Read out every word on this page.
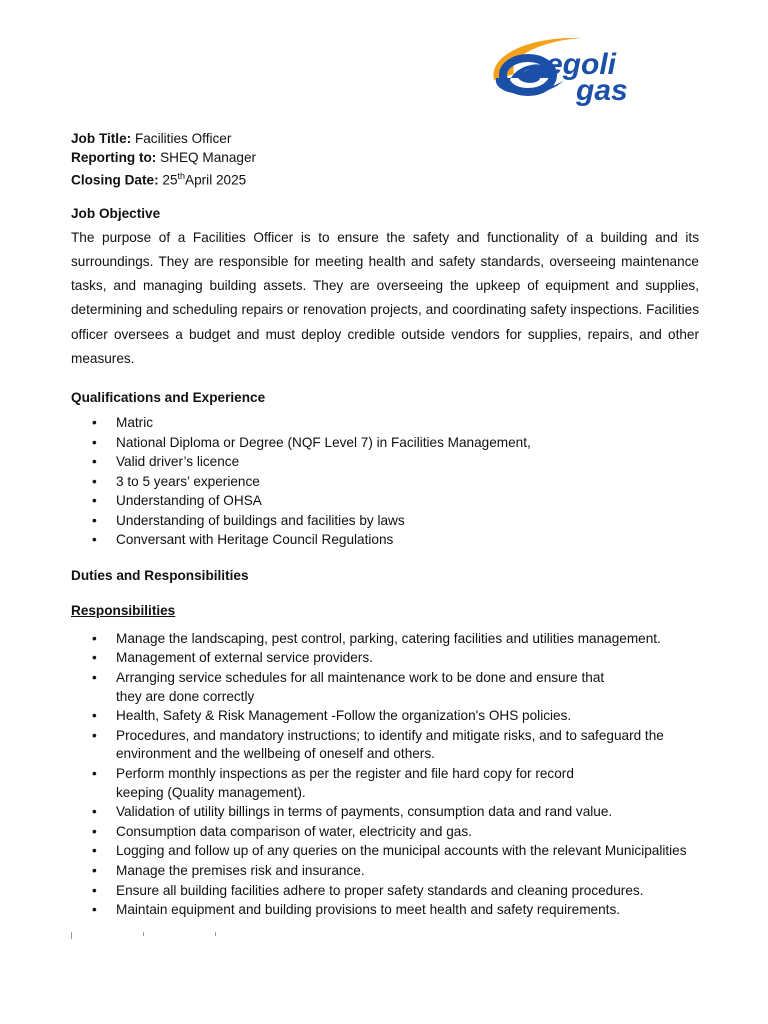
egoli
gas
Job Title: Facilities Officer
Reporting to: SHEQ Manager
Closing Date: 25thApril 2025
Job Objective
The purpose of a Facilities Officer is to ensure the safety and functionality of a building and its surroundings. They are responsible for meeting health and safety standards, overseeing maintenance tasks, and managing building assets. They are overseeing the upkeep of equipment and supplies, determining and scheduling repairs or renovation projects, and coordinating safety inspections. Facilities officer oversees a budget and must deploy credible outside vendors for supplies, repairs, and other measures.
Qualifications and Experience
• Matric
• National Diploma or Degree (NQF Level 7) in Facilities Management,
• Valid driver’s licence
• 3 to 5 years’ experience
• Understanding of OHSA
• Understanding of buildings and facilities by laws
• Conversant with Heritage Council Regulations
Duties and Responsibilities
Responsibilities
• Manage the landscaping, pest control, parking, catering facilities and utilities management.
• Management of external service providers.
• Arranging service schedules for all maintenance work to be done and ensure that
they are done correctly
• Health, Safety & Risk Management -Follow the organization's OHS policies.
• Procedures, and mandatory instructions; to identify and mitigate risks, and to safeguard the
environment and the wellbeing of oneself and others.
• Perform monthly inspections as per the register and file hard copy for record
keeping (Quality management).
• Validation of utility billings in terms of payments, consumption data and rand value.
• Consumption data comparison of water, electricity and gas.
• Logging and follow up of any queries on the municipal accounts with the relevant Municipalities
• Manage the premises risk and insurance.
• Ensure all building facilities adhere to proper safety standards and cleaning procedures.
• Maintain equipment and building provisions to meet health and safety requirements.
